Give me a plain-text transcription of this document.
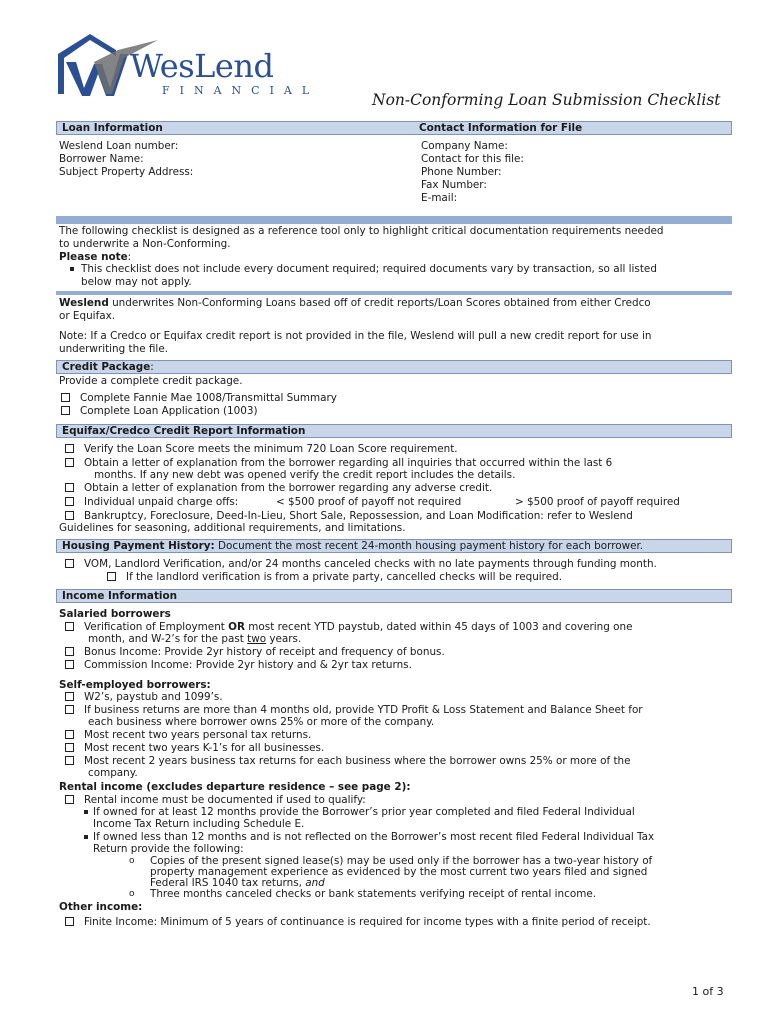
WesLend
FINANCIAL
Non-Conforming Loan Submission Checklist
Loan Information	Contact Information for File
Weslend Loan number:
Borrower Name:
Subject Property Address:
Company Name:
Contact for this file:
Phone Number:
Fax Number:
E-mail:
The following checklist is designed as a reference tool only to highlight critical documentation requirements needed
to underwrite a Non-Conforming.
Please note:
This checklist does not include every document required; required documents vary by transaction, so all listed
below may not apply.
Weslend underwrites Non-Conforming Loans based off of credit reports/Loan Scores obtained from either Credco
or Equifax.
Note: If a Credco or Equifax credit report is not provided in the file, Weslend will pull a new credit report for use in
underwriting the file.
Credit Package:
Provide a complete credit package.
Complete Fannie Mae 1008/Transmittal Summary
Complete Loan Application (1003)
Equifax/Credco Credit Report Information
Verify the Loan Score meets the minimum 720 Loan Score requirement.
Obtain a letter of explanation from the borrower regarding all inquiries that occurred within the last 6
months. If any new debt was opened verify the credit report includes the details.
Obtain a letter of explanation from the borrower regarding any adverse credit.
Individual unpaid charge offs:	< $500 proof of payoff not required	> $500 proof of payoff required
Bankruptcy, Foreclosure, Deed-In-Lieu, Short Sale, Repossession, and Loan Modification: refer to Weslend
Guidelines for seasoning, additional requirements, and limitations.
Housing Payment History: Document the most recent 24-month housing payment history for each borrower.
VOM, Landlord Verification, and/or 24 months canceled checks with no late payments through funding month.
If the landlord verification is from a private party, cancelled checks will be required.
Income Information
Salaried borrowers
Verification of Employment OR most recent YTD paystub, dated within 45 days of 1003 and covering one
month, and W-2’s for the past two years.
Bonus Income: Provide 2yr history of receipt and frequency of bonus.
Commission Income: Provide 2yr history and & 2yr tax returns.
Self-employed borrowers:
W2’s, paystub and 1099’s.
If business returns are more than 4 months old, provide YTD Profit & Loss Statement and Balance Sheet for
each business where borrower owns 25% or more of the company.
Most recent two years personal tax returns.
Most recent two years K-1’s for all businesses.
Most recent 2 years business tax returns for each business where the borrower owns 25% or more of the
company.
Rental income (excludes departure residence – see page 2):
Rental income must be documented if used to qualify:
If owned for at least 12 months provide the Borrower’s prior year completed and filed Federal Individual
Income Tax Return including Schedule E.
If owned less than 12 months and is not reflected on the Borrower’s most recent filed Federal Individual Tax
Return provide the following:
o Copies of the present signed lease(s) may be used only if the borrower has a two-year history of
property management experience as evidenced by the most current two years filed and signed
Federal IRS 1040 tax returns, and
o Three months canceled checks or bank statements verifying receipt of rental income.
Other income:
Finite Income: Minimum of 5 years of continuance is required for income types with a finite period of receipt.
1 of 3
